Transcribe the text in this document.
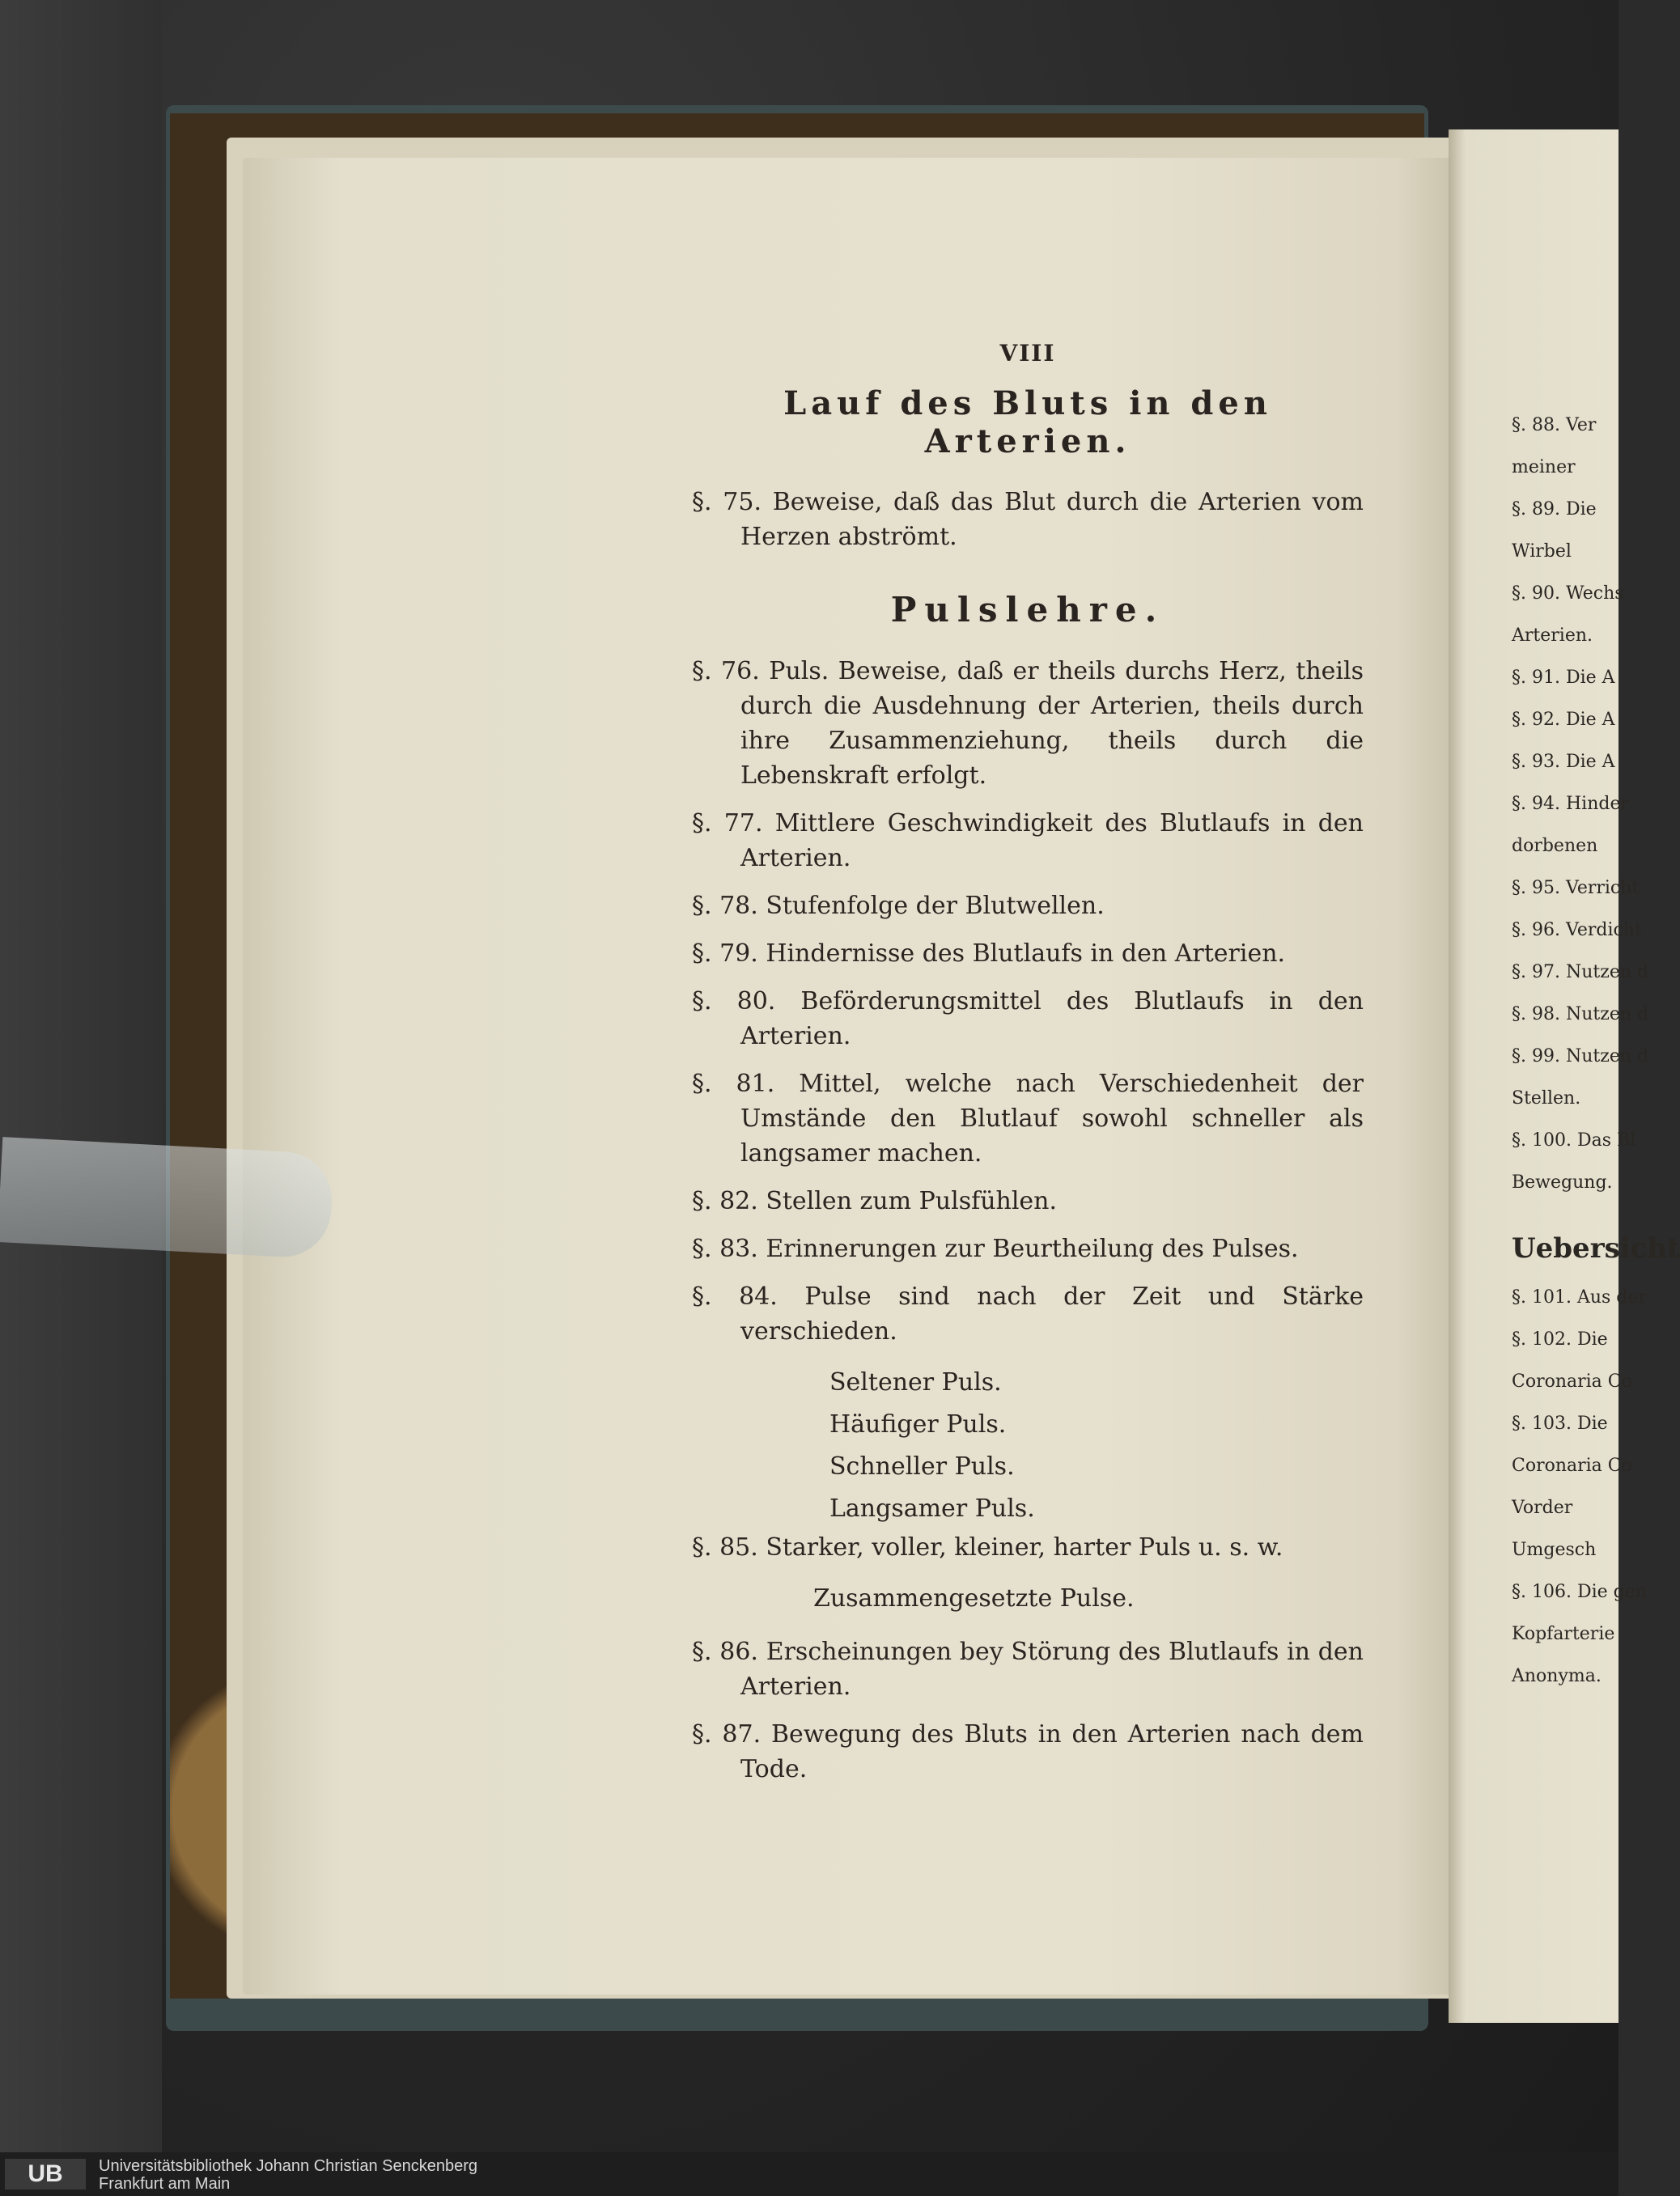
§. 88. Ver
meiner
§. 89. Die
Wirbel
§. 90. Wechs
Arterien.
§. 91. Die A
§. 92. Die A
§. 93. Die A
§. 94. Hinder
dorbenen
§. 95. Verricht
§. 96. Verdicht
§. 97. Nutzen d
§. 98. Nutzen d
§. 99. Nutzen d
Stellen.
§. 100. Das Bl
Bewegung.
Uebersicht
§. 101. Aus der
§. 102. Die
Coronaria Co
§. 103. Die
Coronaria Co
Vorder
Umgesch
§. 106. Die gen
Kopfarterie
Anonyma.
VIII
Lauf des Bluts in den Arterien.
§. 75. Beweise, daß das Blut durch die Arterien vom Herzen abströmt.
Pulslehre.
§. 76. Puls. Beweise, daß er theils durchs Herz, theils durch die Ausdehnung der Arterien, theils durch ihre Zusammenziehung, theils durch die Lebenskraft erfolgt.
§. 77. Mittlere Geschwindigkeit des Blutlaufs in den Arterien.
§. 78. Stufenfolge der Blutwellen.
§. 79. Hindernisse des Blutlaufs in den Arterien.
§. 80. Beförderungsmittel des Blutlaufs in den Arterien.
§. 81. Mittel, welche nach Verschiedenheit der Umstände den Blutlauf sowohl schneller als langsamer machen.
§. 82. Stellen zum Pulsfühlen.
§. 83. Erinnerungen zur Beurtheilung des Pulses.
§. 84. Pulse sind nach der Zeit und Stärke verschieden.
Seltener Puls.
Häufiger Puls.
Schneller Puls.
Langsamer Puls.
§. 85. Starker, voller, kleiner, harter Puls u. s. w.
Zusammengesetzte Pulse.
§. 86. Erscheinungen bey Störung des Blutlaufs in den Arterien.
§. 87. Bewegung des Bluts in den Arterien nach dem Tode.
UB Universitätsbibliothek Johann Christian Senckenberg
Frankfurt am Main
